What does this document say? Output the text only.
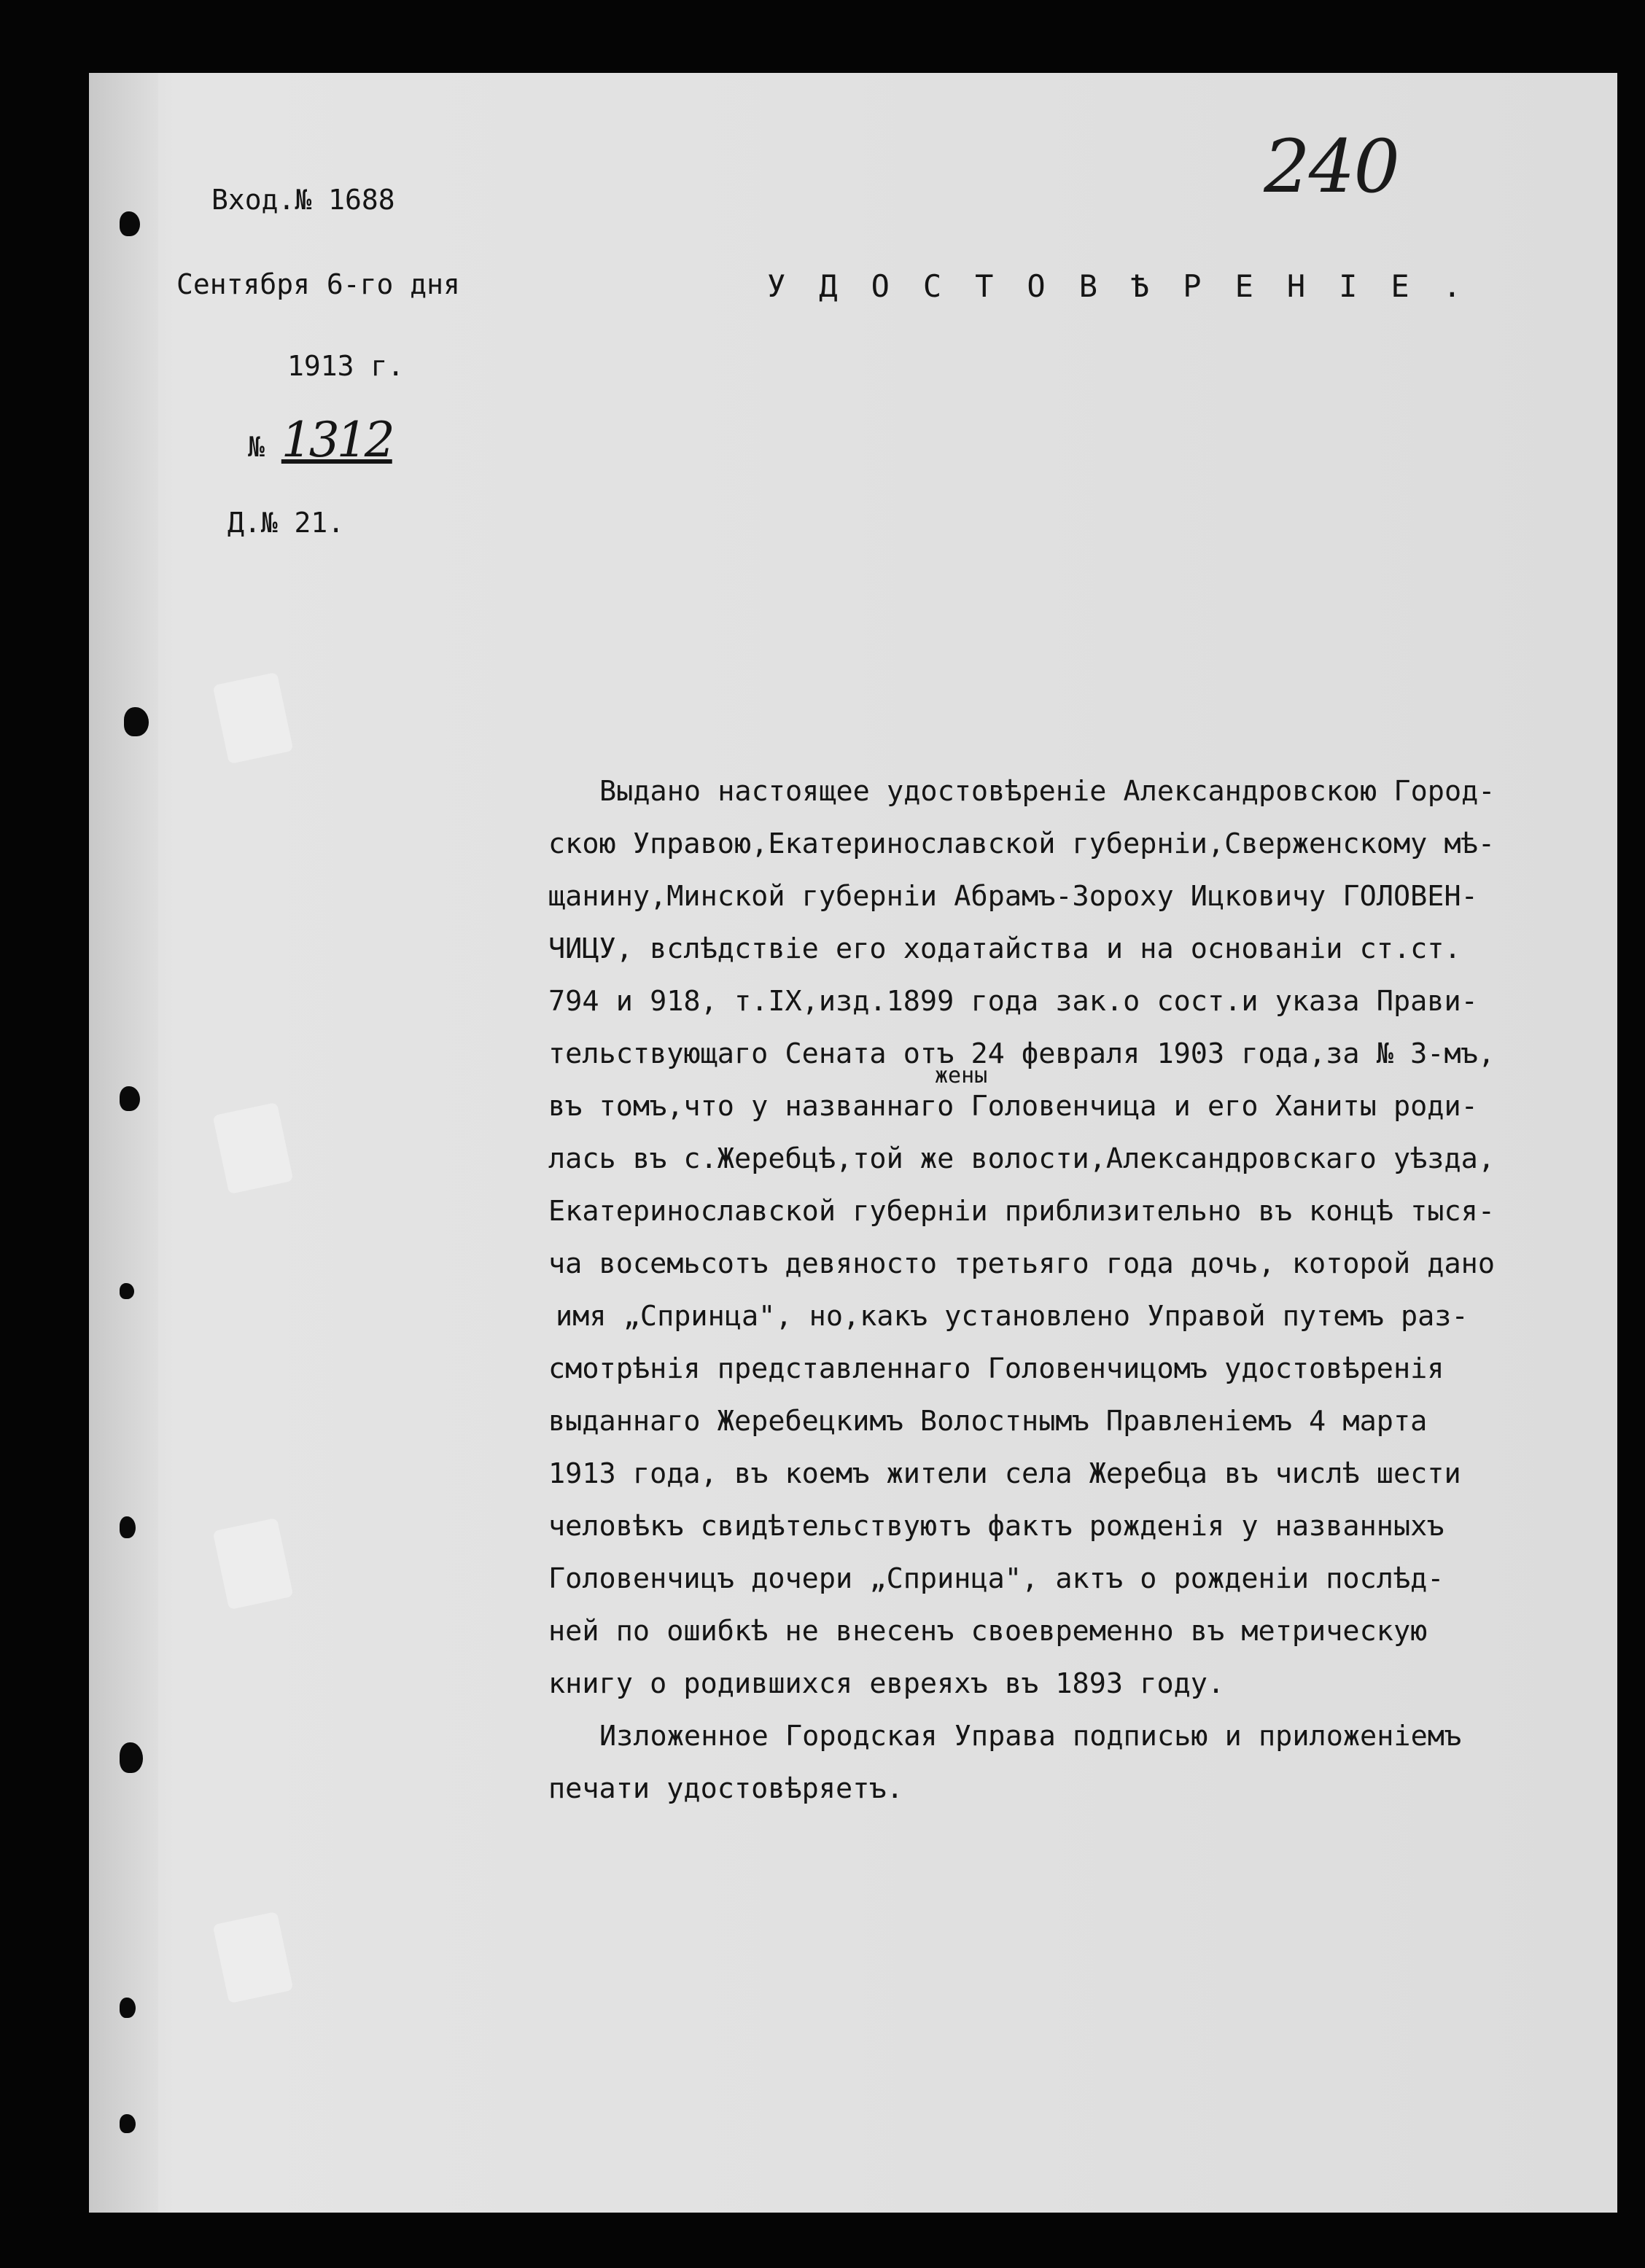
240
Вход.№ 1688
Сентября 6-го дня
1913 г.
№ 1312
Д.№ 21.
УДОСТОВѢРЕНIЕ.
жены
Выдано настоящее удостовѣренiе Александровскою Город-
скою Управою,Екатеринославской губернiи,Сверженскому мѣ-
щанину,Минской губернiи Абрамъ-Зороху Ицковичу ГОЛОВЕН-
ЧИЦУ, вслѣдствiе его ходатайства и на основанiи ст.ст.
794 и 918, т.IX,изд.1899 года зак.о сост.и указа Прави-
тельствующаго Сената отъ 24 февраля 1903 года,за № 3-мъ,
въ томъ,что у названнаго Головенчица и его Ханиты роди-
лась въ с.Жеребцѣ,той же волости,Александровскаго уѣзда,
Екатеринославской губернiи приблизительно въ концѣ тыся-
ча восемьсотъ девяносто третьяго года дочь, которой дано
имя „Спринца", но,какъ установлено Управой путемъ раз-
смотрѣнiя представленнаго Головенчицомъ удостовѣренiя
выданнаго Жеребецкимъ Волостнымъ Правленiемъ 4 марта
1913 года, въ коемъ жители села Жеребца въ числѣ шести
человѣкъ свидѣтельствуютъ фактъ рожденiя у названныхъ
Головенчицъ дочери „Спринца", актъ о рожденiи послѣд-
ней по ошибкѣ не внесенъ своевременно въ метрическую
книгу о родившихся евреяхъ въ 1893 году.
Изложенное Городская Управа подписью и приложенiемъ
печати удостовѣряетъ.
